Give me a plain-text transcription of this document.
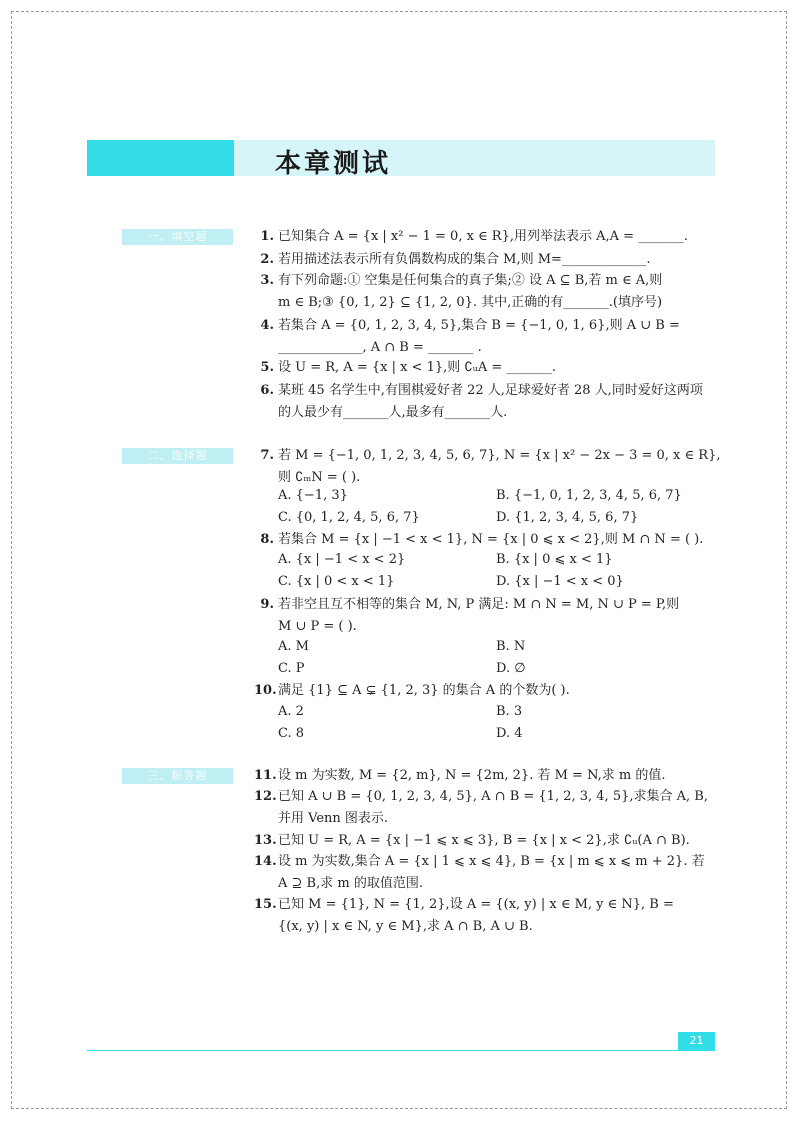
本章测试
一、填空题	1. 已知集合 A = {x | x² − 1 = 0, x ∈ R},用列举法表示 A,A = _______.
2. 若用描述法表示所有负偶数构成的集合 M,则 M=_____________.
3. 有下列命题:① 空集是任何集合的真子集;② 设 A ⊆ B,若 m ∈ A,则
m ∈ B;③ {0, 1, 2} ⊆ {1, 2, 0}. 其中,正确的有_______.(填序号)
4. 若集合 A = {0, 1, 2, 3, 4, 5},集合 B = {−1, 0, 1, 6},则 A ∪ B =
_____________, A ∩ B = _______ .
5. 设 U = R, A = {x | x < 1},则 ∁ᵤA = _______.
6. 某班 45 名学生中,有围棋爱好者 22 人,足球爱好者 28 人,同时爱好这两项
的人最少有_______人,最多有_______人.
二、选择题	7. 若 M = {−1, 0, 1, 2, 3, 4, 5, 6, 7}, N = {x | x² − 2x − 3 = 0, x ∈ R},
则 ∁ₘN = ( ).
A. {−1, 3}	B. {−1, 0, 1, 2, 3, 4, 5, 6, 7}
C. {0, 1, 2, 4, 5, 6, 7}	D. {1, 2, 3, 4, 5, 6, 7}
8. 若集合 M = {x | −1 < x < 1}, N = {x | 0 ⩽ x < 2},则 M ∩ N = ( ).
A. {x | −1 < x < 2}	B. {x | 0 ⩽ x < 1}
C. {x | 0 < x < 1}	D. {x | −1 < x < 0}
9. 若非空且互不相等的集合 M, N, P 满足: M ∩ N = M, N ∪ P = P,则
M ∪ P = ( ).
A. M	B. N
C. P	D. ∅
10. 满足 {1} ⊆ A ⊊ {1, 2, 3} 的集合 A 的个数为( ).
A. 2	B. 3
C. 8	D. 4
三、解答题	11. 设 m 为实数, M = {2, m}, N = {2m, 2}. 若 M = N,求 m 的值.
12. 已知 A ∪ B = {0, 1, 2, 3, 4, 5}, A ∩ B = {1, 2, 3, 4, 5},求集合 A, B,
并用 Venn 图表示.
13. 已知 U = R, A = {x | −1 ⩽ x ⩽ 3}, B = {x | x < 2},求 ∁ᵤ(A ∩ B).
14. 设 m 为实数,集合 A = {x | 1 ⩽ x ⩽ 4}, B = {x | m ⩽ x ⩽ m + 2}. 若
A ⊇ B,求 m 的取值范围.
15. 已知 M = {1}, N = {1, 2},设 A = {(x, y) | x ∈ M, y ∈ N}, B =
{(x, y) | x ∈ N, y ∈ M},求 A ∩ B, A ∪ B.
21
